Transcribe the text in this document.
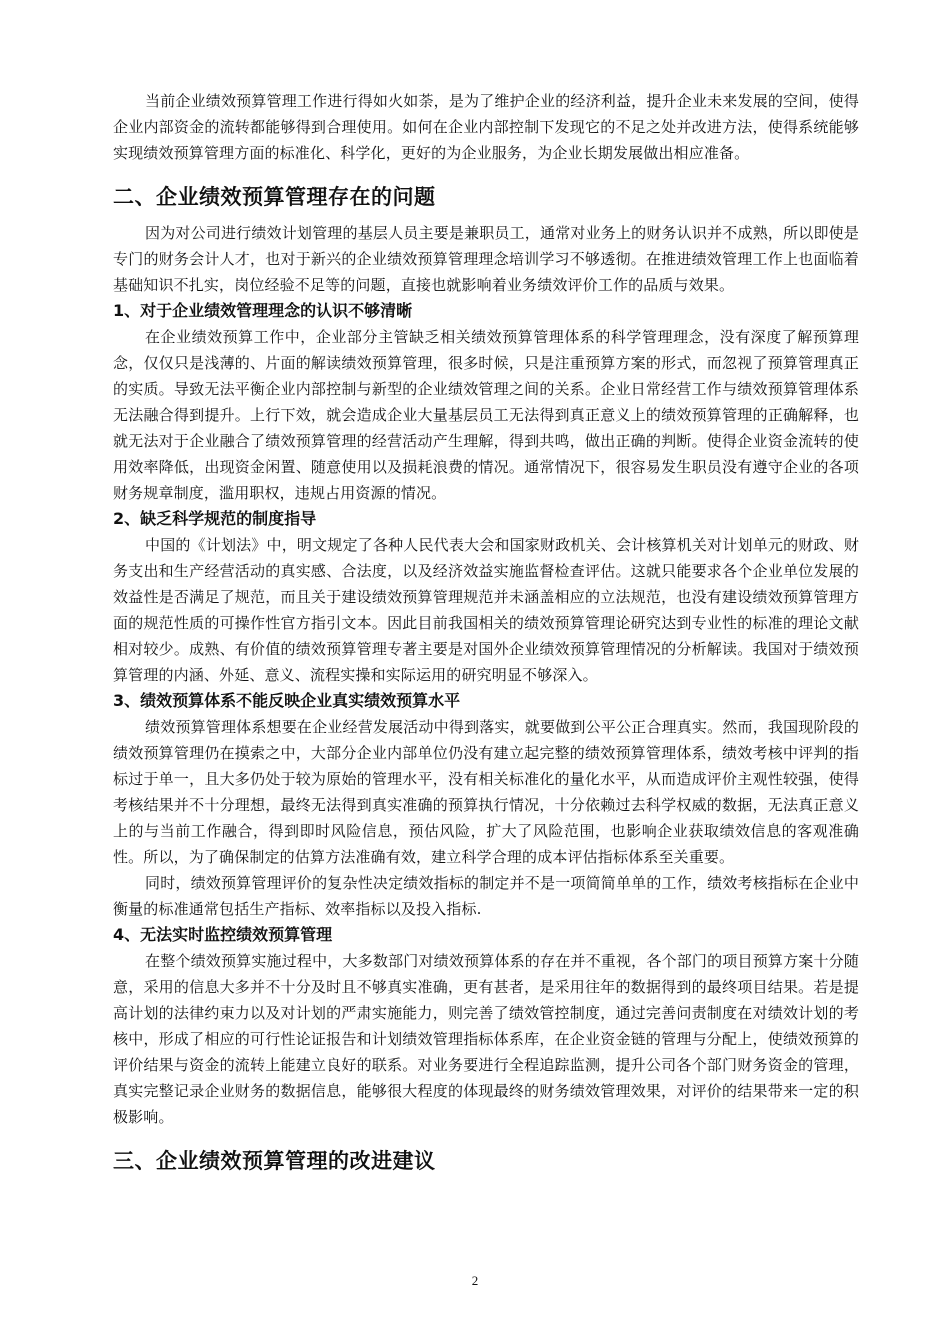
当前企业绩效预算管理工作进行得如火如荼，是为了维护企业的经济利益，提升企业未来发展的空间，使得企业内部资金的流转都能够得到合理使用。如何在企业内部控制下发现它的不足之处并改进方法，使得系统能够实现绩效预算管理方面的标准化、科学化，更好的为企业服务，为企业长期发展做出相应准备。

二、企业绩效预算管理存在的问题

因为对公司进行绩效计划管理的基层人员主要是兼职员工，通常对业务上的财务认识并不成熟，所以即使是专门的财务会计人才，也对于新兴的企业绩效预算管理理念培训学习不够透彻。在推进绩效管理工作上也面临着基础知识不扎实，岗位经验不足等的问题，直接也就影响着业务绩效评价工作的品质与效果。

1、对于企业绩效管理理念的认识不够清晰

在企业绩效预算工作中，企业部分主管缺乏相关绩效预算管理体系的科学管理理念，没有深度了解预算理念，仅仅只是浅薄的、片面的解读绩效预算管理，很多时候，只是注重预算方案的形式，而忽视了预算管理真正的实质。导致无法平衡企业内部控制与新型的企业绩效管理之间的关系。企业日常经营工作与绩效预算管理体系无法融合得到提升。上行下效，就会造成企业大量基层员工无法得到真正意义上的绩效预算管理的正确解释，也就无法对于企业融合了绩效预算管理的经营活动产生理解，得到共鸣，做出正确的判断。使得企业资金流转的使用效率降低，出现资金闲置、随意使用以及损耗浪费的情况。通常情况下，很容易发生职员没有遵守企业的各项财务规章制度，滥用职权，违规占用资源的情况。

2、缺乏科学规范的制度指导

中国的《计划法》中，明文规定了各种人民代表大会和国家财政机关、会计核算机关对计划单元的财政、财务支出和生产经营活动的真实感、合法度，以及经济效益实施监督检查评估。这就只能要求各个企业单位发展的效益性是否满足了规范，而且关于建设绩效预算管理规范并未涵盖相应的立法规范，也没有建设绩效预算管理方面的规范性质的可操作性官方指引文本。因此目前我国相关的绩效预算管理论研究达到专业性的标准的理论文献相对较少。成熟、有价值的绩效预算管理专著主要是对国外企业绩效预算管理情况的分析解读。我国对于绩效预算管理的内涵、外延、意义、流程实操和实际运用的研究明显不够深入。

3、绩效预算体系不能反映企业真实绩效预算水平

绩效预算管理体系想要在企业经营发展活动中得到落实，就要做到公平公正合理真实。然而，我国现阶段的绩效预算管理仍在摸索之中，大部分企业内部单位仍没有建立起完整的绩效预算管理体系，绩效考核中评判的指标过于单一，且大多仍处于较为原始的管理水平，没有相关标准化的量化水平，从而造成评价主观性较强，使得考核结果并不十分理想，最终无法得到真实准确的预算执行情况，十分依赖过去科学权威的数据，无法真正意义上的与当前工作融合，得到即时风险信息，预估风险，扩大了风险范围，也影响企业获取绩效信息的客观准确性。所以，为了确保制定的估算方法准确有效，建立科学合理的成本评估指标体系至关重要。

同时，绩效预算管理评价的复杂性决定绩效指标的制定并不是一项简简单单的工作，绩效考核指标在企业中衡量的标准通常包括生产指标、效率指标以及投入指标.

4、无法实时监控绩效预算管理

在整个绩效预算实施过程中，大多数部门对绩效预算体系的存在并不重视，各个部门的项目预算方案十分随意，采用的信息大多并不十分及时且不够真实准确，更有甚者，是采用往年的数据得到的最终项目结果。若是提高计划的法律约束力以及对计划的严肃实施能力，则完善了绩效管控制度，通过完善问责制度在对绩效计划的考核中，形成了相应的可行性论证报告和计划绩效管理指标体系库，在企业资金链的管理与分配上，使绩效预算的评价结果与资金的流转上能建立良好的联系。对业务要进行全程追踪监测，提升公司各个部门财务资金的管理，真实完整记录企业财务的数据信息，能够很大程度的体现最终的财务绩效管理效果，对评价的结果带来一定的积极影响。

三、企业绩效预算管理的改进建议
2
